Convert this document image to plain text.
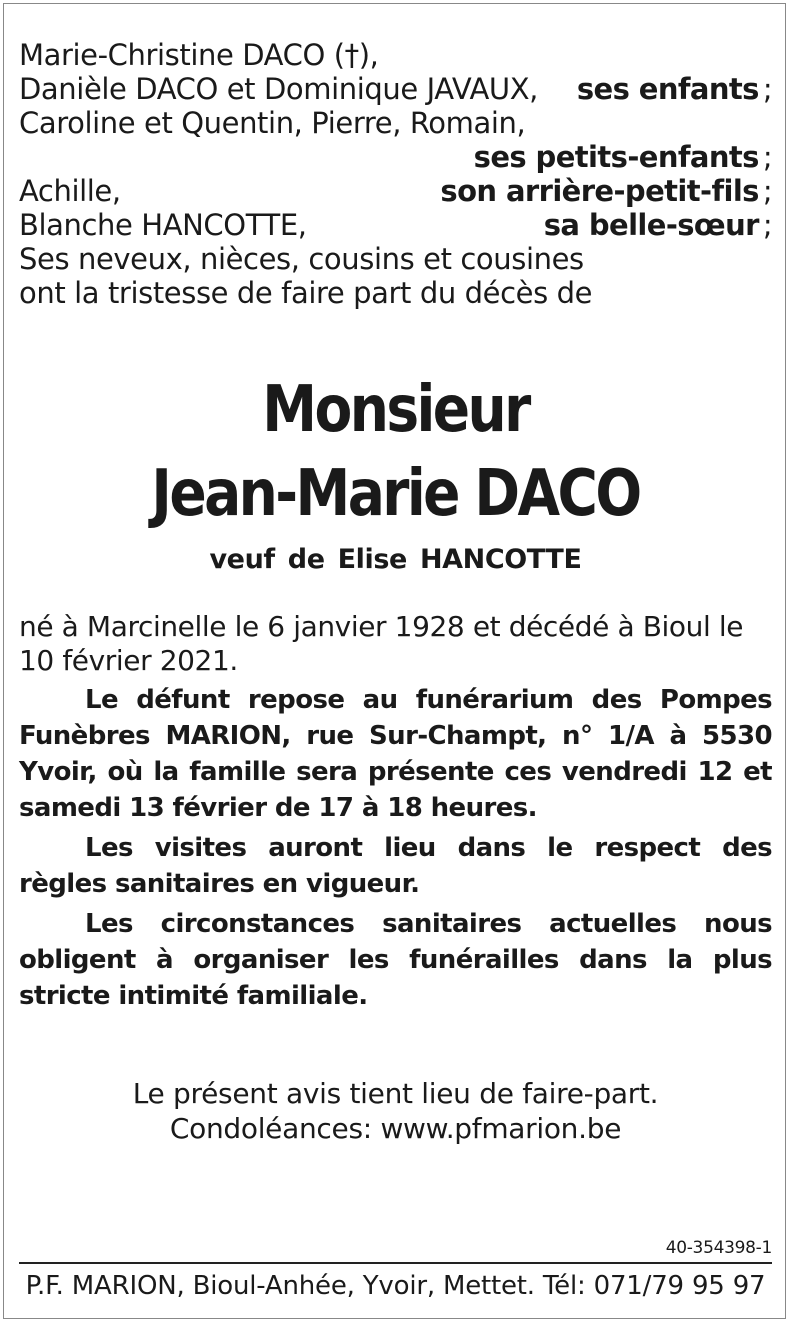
Marie-Christine DACO (†),
Danièle DACO et Dominique JAVAUX, ses enfants ;
Caroline et Quentin, Pierre, Romain,
ses petits-enfants ;
Achille,	son arrière-petit-fils ;
Blanche HANCOTTE,	sa belle-sœur ;
Ses neveux, nièces, cousins et cousines
ont la tristesse de faire part du décès de
Monsieur
Jean-Marie DACO
veuf de Elise HANCOTTE
né à Marcinelle le 6 janvier 1928 et décédé à Bioul le 10 février 2021.
Le défunt repose au funérarium des Pompes Funèbres MARION, rue Sur-Champt, n° 1/A à 5530 Yvoir, où la famille sera présente ces vendredi 12 et samedi 13 février de 17 à 18 heures.
Les visites auront lieu dans le respect des règles sanitaires en vigueur.
Les circonstances sanitaires actuelles nous obligent à organiser les funérailles dans la plus stricte intimité familiale.
Le présent avis tient lieu de faire-part.
Condoléances: www.pfmarion.be
40-354398-1
P.F. MARION, Bioul-Anhée, Yvoir, Mettet. Tél: 071/79 95 97
